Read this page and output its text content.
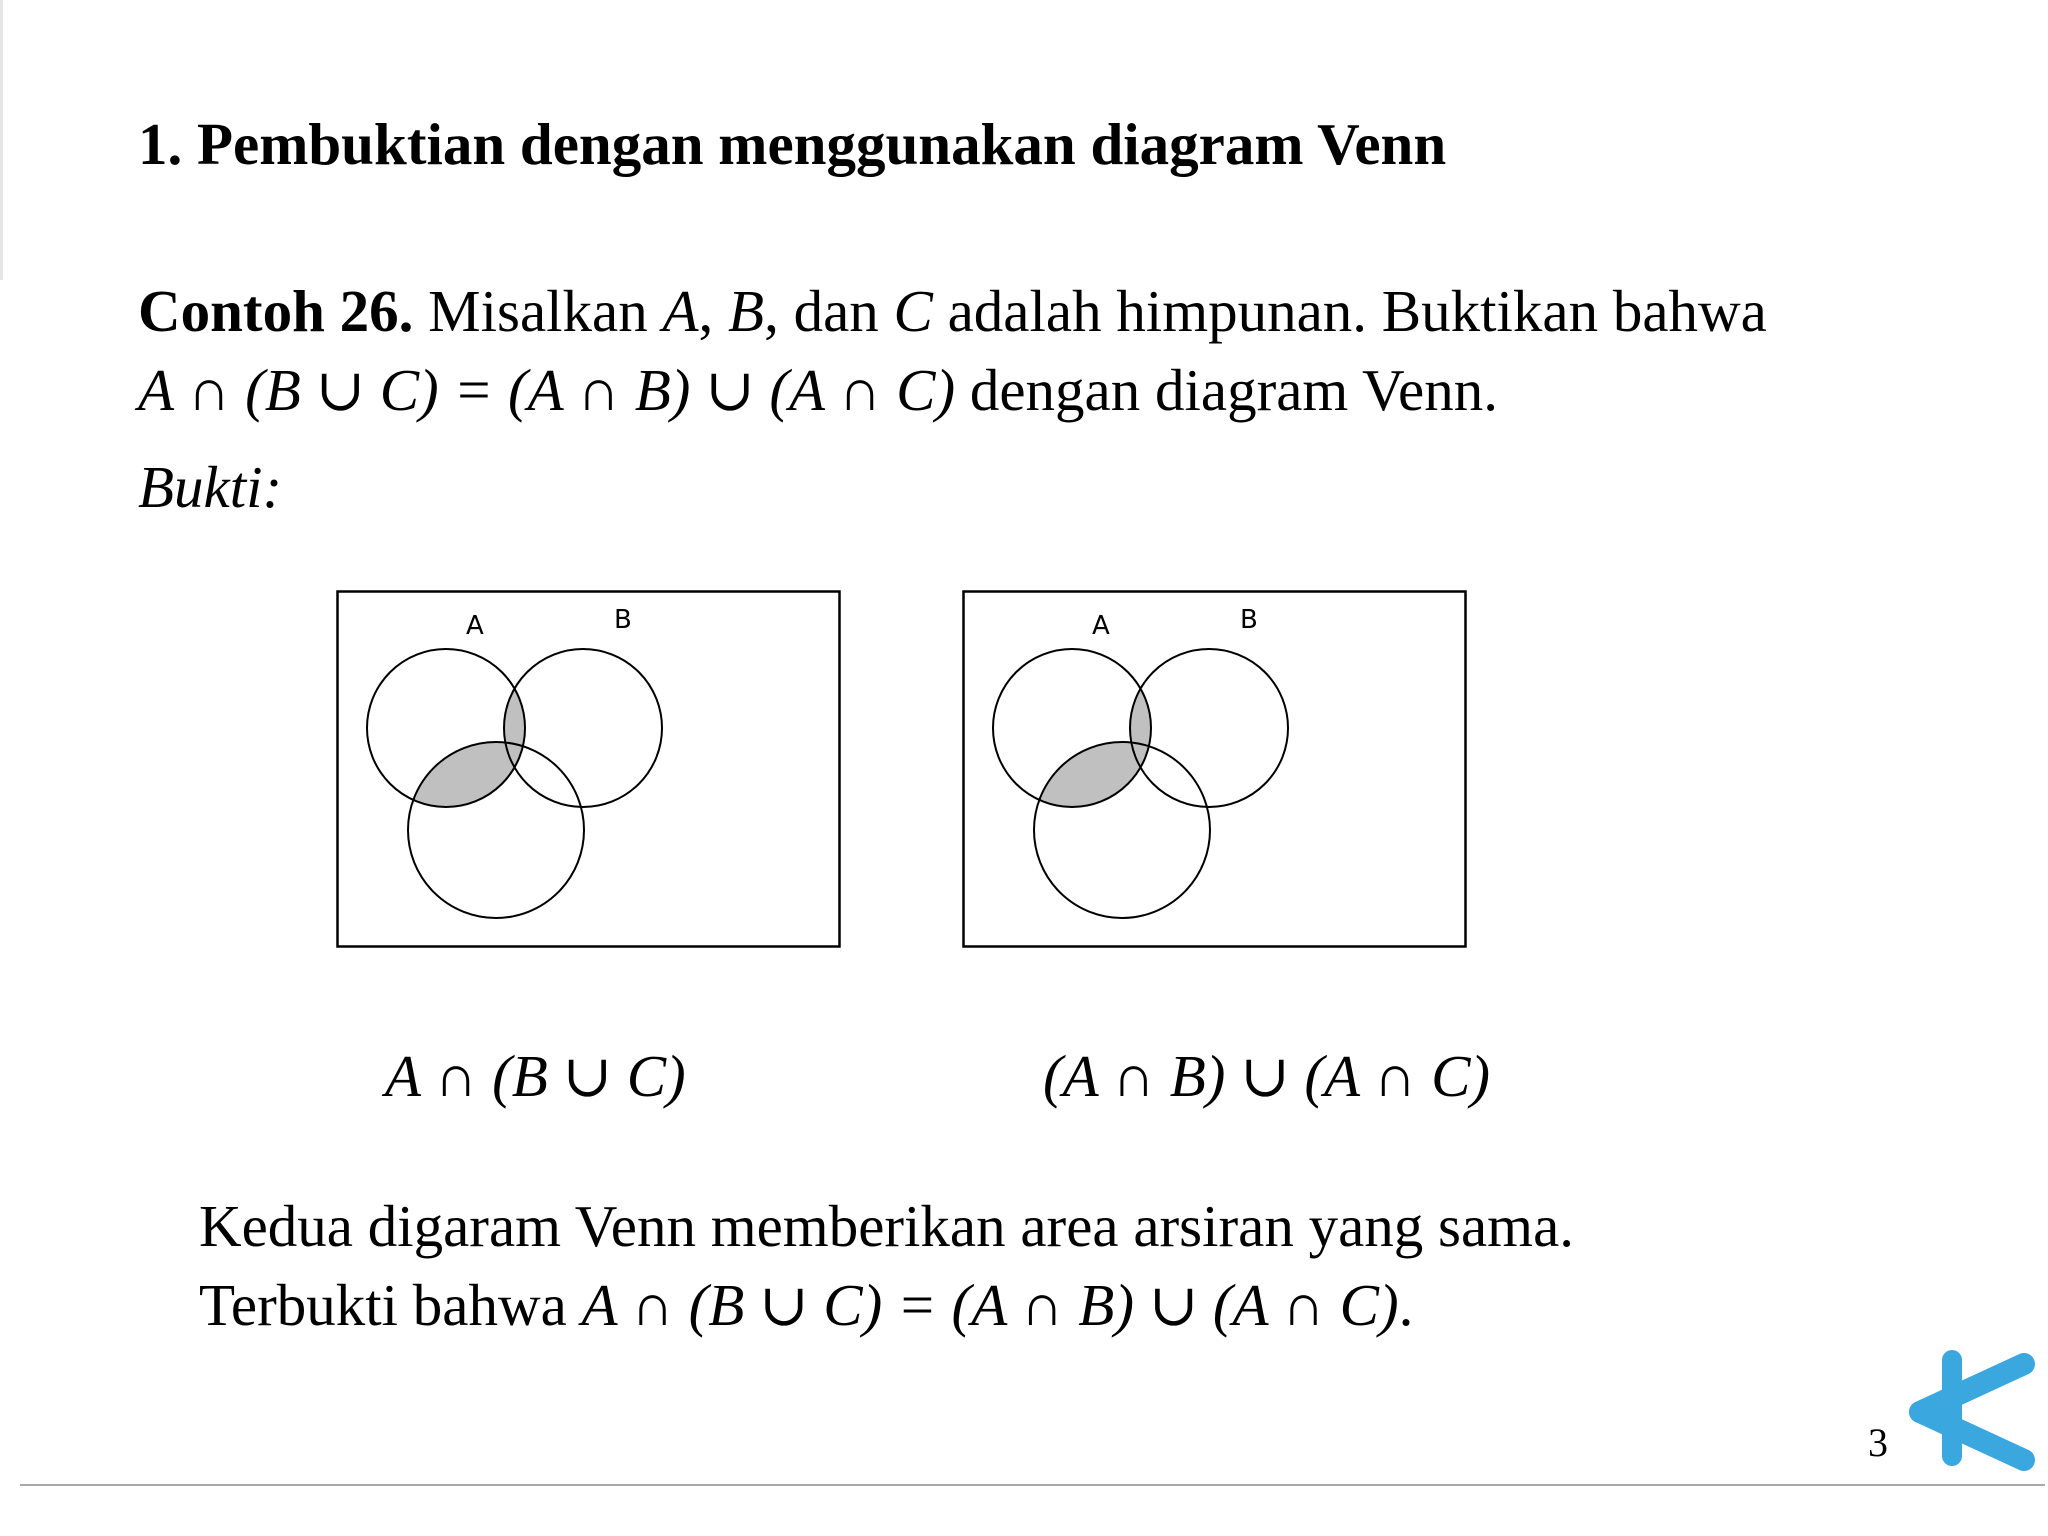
1. Pembuktian dengan menggunakan diagram Venn
Contoh 26. Misalkan A, B, dan C adalah himpunan. Buktikan bahwa
A ∩ (B ∪ C) = (A ∩ B) ∪ (A ∩ C) dengan diagram Venn.
Bukti:
A	B	A	B
A ∩ (B ∪ C)	(A ∩ B) ∪ (A ∩ C)
Kedua digaram Venn memberikan area arsiran yang sama.
Terbukti bahwa A ∩ (B ∪ C) = (A ∩ B) ∪ (A ∩ C).
3
